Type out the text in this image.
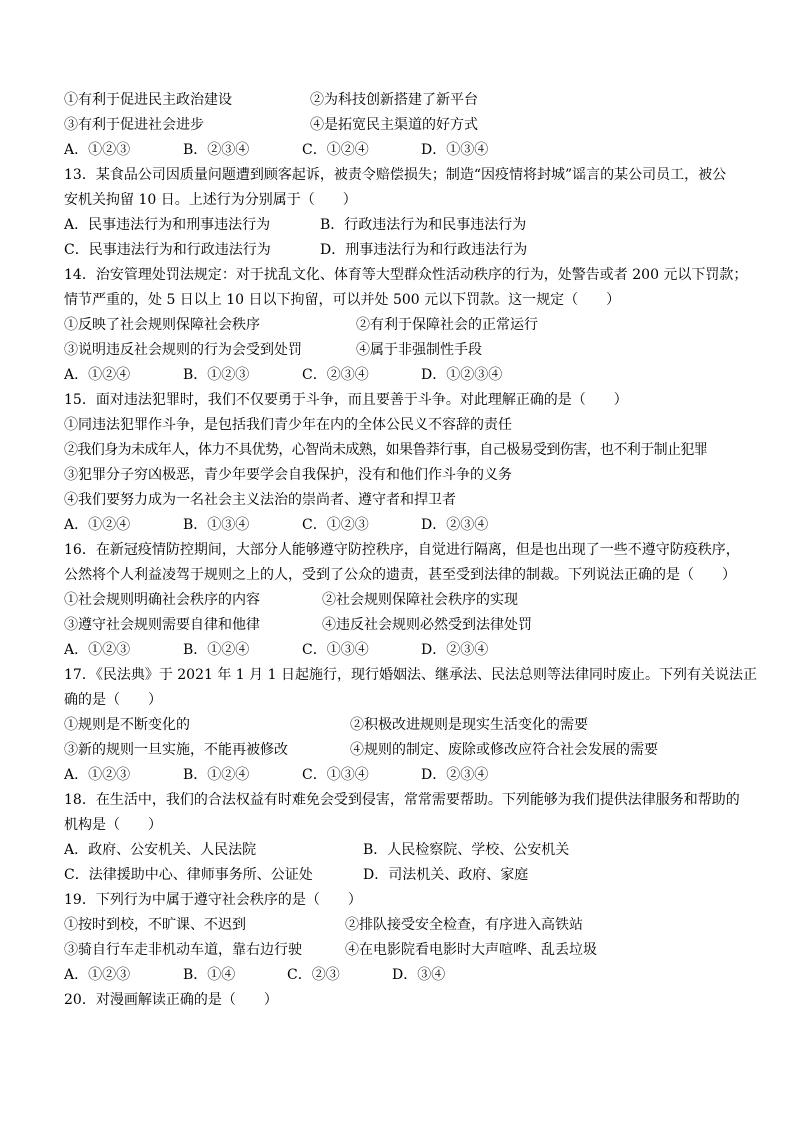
①有利于促进民主政治建设	②为科技创新搭建了新平台
③有利于促进社会进步	④是拓宽民主渠道的好方式
A．①②③	B．②③④	C．①②④	D．①③④
13．某食品公司因质量问题遭到顾客起诉，被责令赔偿损失；制造“因疫情将封城”谣言的某公司员工，被公
安机关拘留 10 日。上述行为分别属于（　　）
A．民事违法行为和刑事违法行为	B．行政违法行为和民事违法行为
C．民事违法行为和行政违法行为	D．刑事违法行为和行政违法行为
14．治安管理处罚法规定：对于扰乱文化、体育等大型群众性活动秩序的行为，处警告或者 200 元以下罚款；
情节严重的，处 5 日以上 10 日以下拘留，可以并处 500 元以下罚款。这一规定（　　）
①反映了社会规则保障社会秩序	②有利于保障社会的正常运行
③说明违反社会规则的行为会受到处罚	④属于非强制性手段
A．①②④	B．①②③	C．②③④	D．①②③④
15．面对违法犯罪时，我们不仅要勇于斗争，而且要善于斗争。对此理解正确的是（　　）
①同违法犯罪作斗争，是包括我们青少年在内的全体公民义不容辞的责任
②我们身为未成年人，体力不具优势，心智尚未成熟，如果鲁莽行事，自己极易受到伤害，也不利于制止犯罪
③犯罪分子穷凶极恶，青少年要学会自我保护，没有和他们作斗争的义务
④我们要努力成为一名社会主义法治的崇尚者、遵守者和捍卫者
A．①②④	B．①③④	C．①②③	D．②③④
16．在新冠疫情防控期间，大部分人能够遵守防控秩序，自觉进行隔离，但是也出现了一些不遵守防疫秩序，
公然将个人利益凌驾于规则之上的人，受到了公众的遗责，甚至受到法律的制裁。下列说法正确的是（　　）
①社会规则明确社会秩序的内容	②社会规则保障社会秩序的实现
③遵守社会规则需要自律和他律	④违反社会规则必然受到法律处罚
A．①②③	B．①②④	C．①③④	D．②③④
17．《民法典》于 2021 年 1 月 1 日起施行，现行婚姻法、继承法、民法总则等法律同时废止。下列有关说法正
确的是（　　）
①规则是不断变化的	②积极改进规则是现实生活变化的需要
③新的规则一旦实施，不能再被修改	④规则的制定、废除或修改应符合社会发展的需要
A．①②③	B．①②④	C．①③④	D．②③④
18．在生活中，我们的合法权益有时难免会受到侵害，常常需要帮助。下列能够为我们提供法律服务和帮助的
机构是（　　）
A．政府、公安机关、人民法院	B．人民检察院、学校、公安机关
C．法律援助中心、律师事务所、公证处	D．司法机关、政府、家庭
19．下列行为中属于遵守社会秩序的是（　　）
①按时到校，不旷课、不迟到	②排队接受安全检查，有序进入高铁站
③骑自行车走非机动车道，靠右边行驶	④在电影院看电影时大声喧哗、乱丢垃圾
A．①②③	B．①④	C．②③	D．③④
20．对漫画解读正确的是（　　）
